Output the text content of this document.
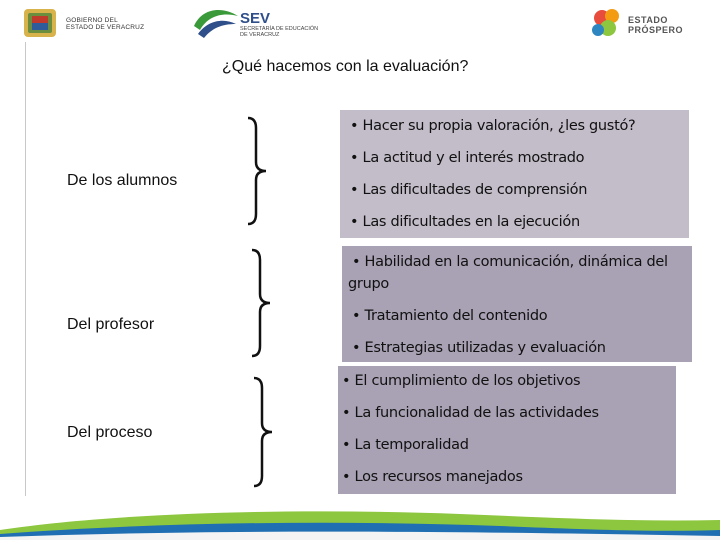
GOBIERNO DEL
ESTADO DE VERACRUZ
SEV
SECRETARÍA DE EDUCACIÓN
DE VERACRUZ
ESTADO
PRÓSPERO
¿Qué hacemos con la evaluación?
De los alumnos
• Hacer su propia valoración, ¿les gustó?
• La actitud y el interés mostrado
• Las dificultades de comprensión
• Las dificultades en la ejecución
Del profesor
• Habilidad en la comunicación, dinámica del
grupo
• Tratamiento del contenido
• Estrategias utilizadas y evaluación
Del proceso
• El cumplimiento de los objetivos
• La funcionalidad de las actividades
• La temporalidad
• Los recursos manejados
